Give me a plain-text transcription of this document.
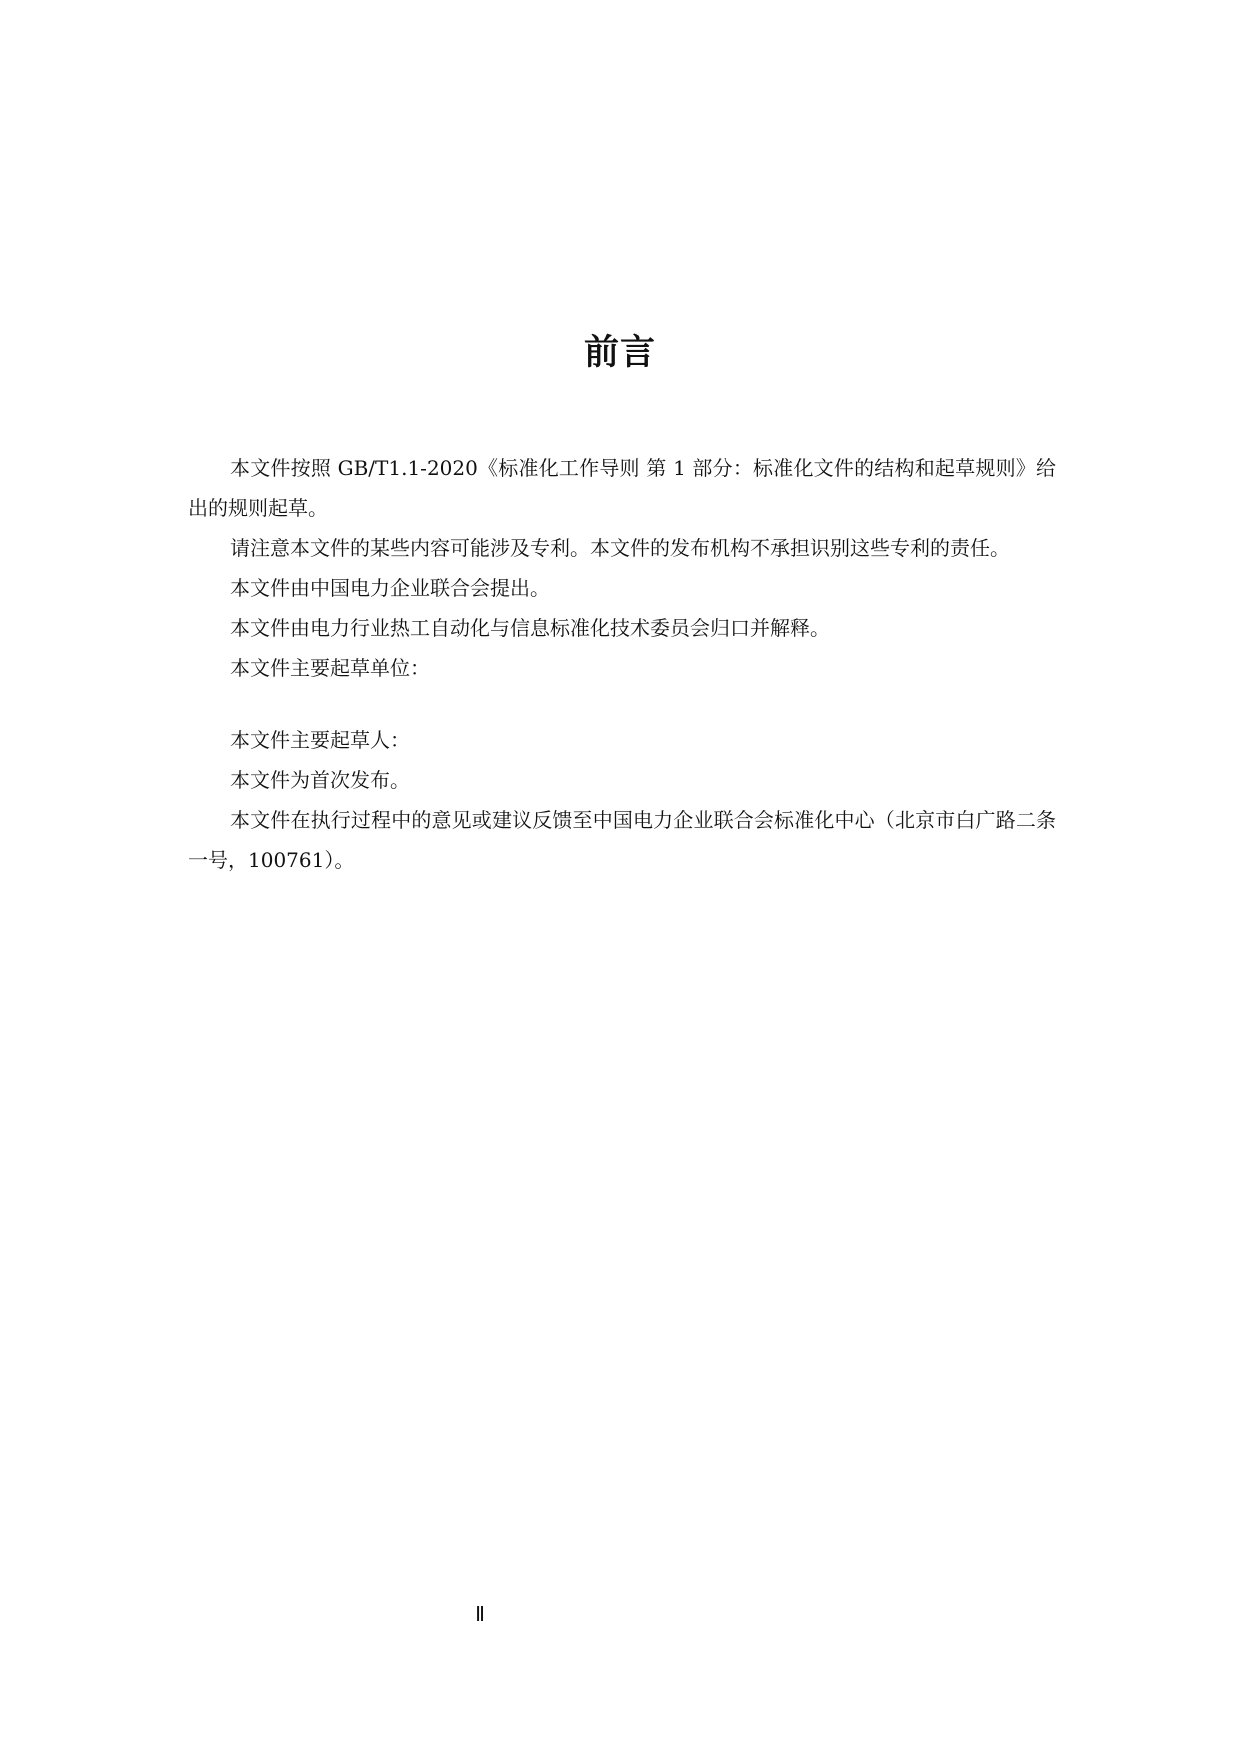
前言

本文件按照 GB/T1.1-2020《标准化工作导则 第 1 部分：标准化文件的结构和起草规则》给出的规则起草。

请注意本文件的某些内容可能涉及专利。本文件的发布机构不承担识别这些专利的责任。

本文件由中国电力企业联合会提出。

本文件由电力行业热工自动化与信息标准化技术委员会归口并解释。

本文件主要起草单位：

本文件主要起草人：

本文件为首次发布。

本文件在执行过程中的意见或建议反馈至中国电力企业联合会标准化中心（北京市白广路二条一号，100761）。

Ⅱ
